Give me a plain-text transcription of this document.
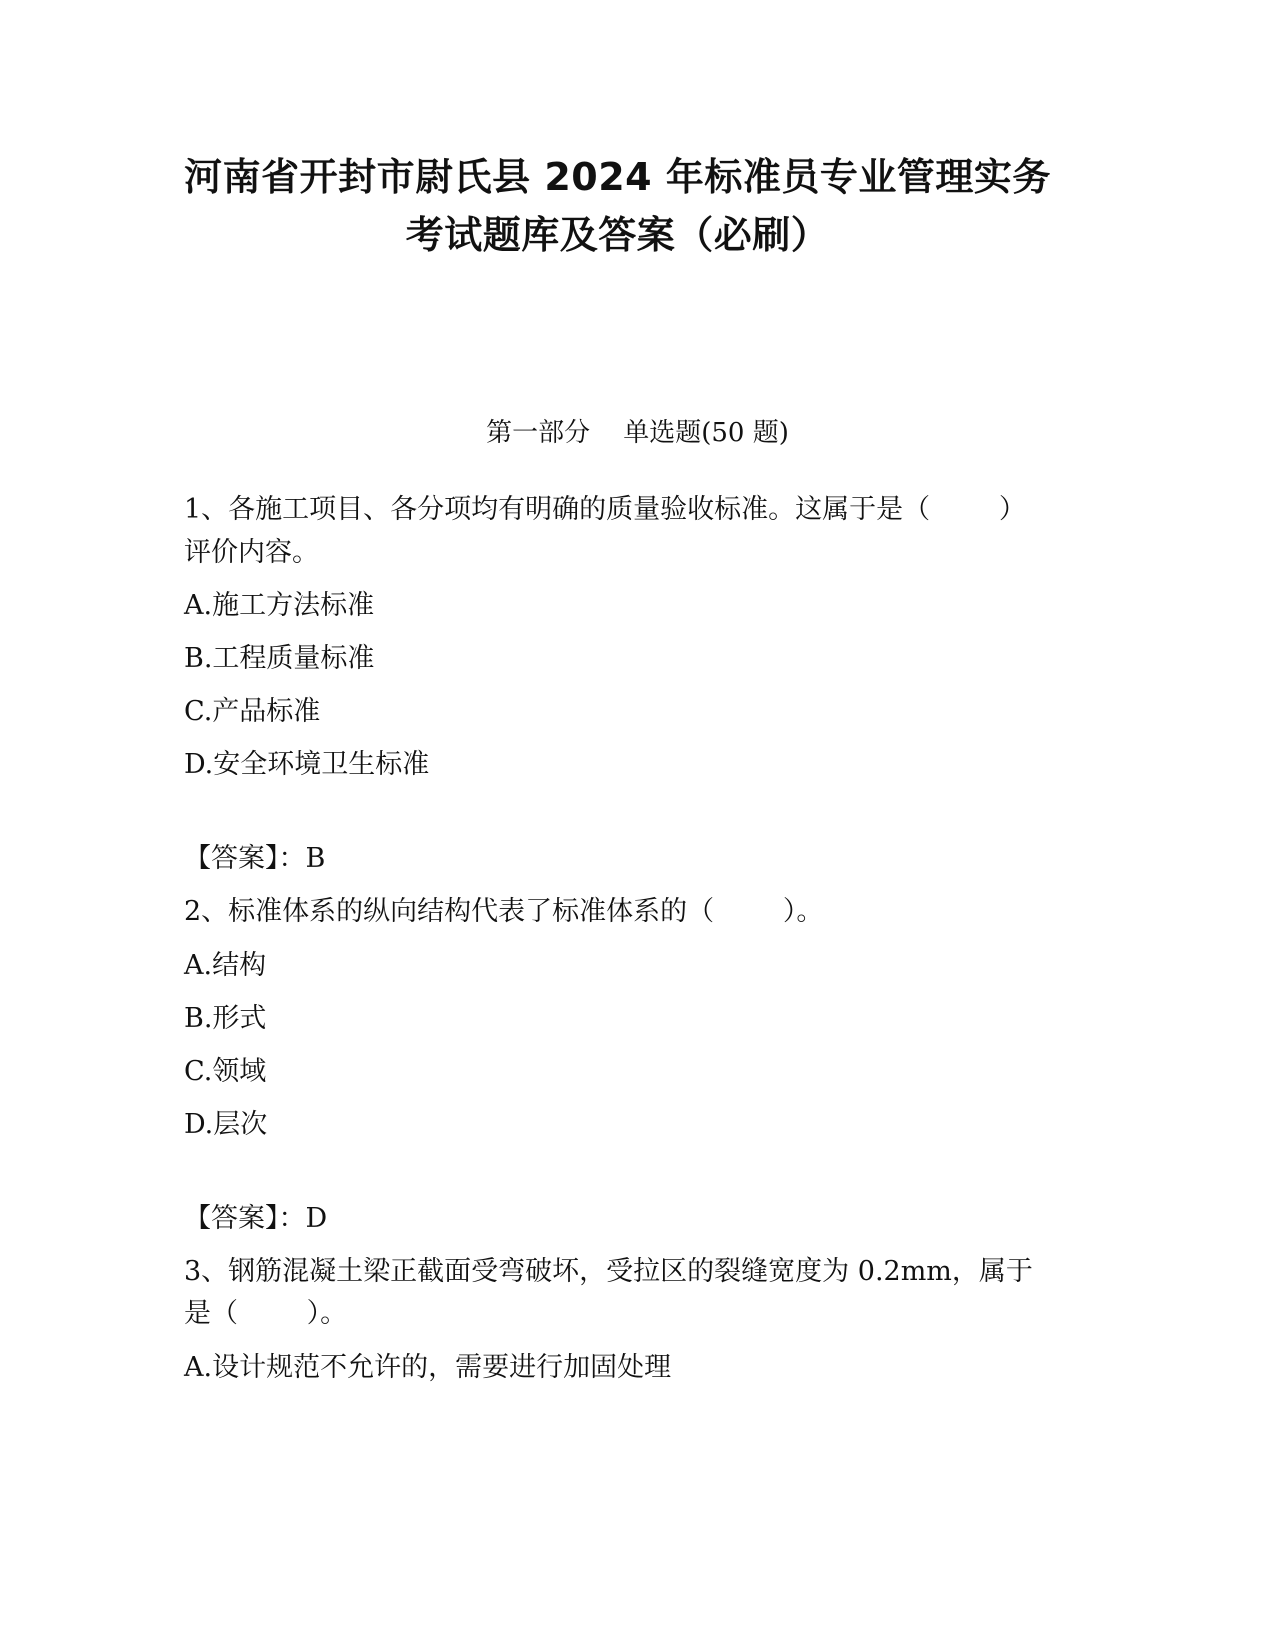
河南省开封市尉氏县 2024 年标准员专业管理实务
考试题库及答案（必刷）
第一部分    单选题(50 题)
1、各施工项目、各分项均有明确的质量验收标准。这属于是（        ）
评价内容。
A.施工方法标准
B.工程质量标准
C.产品标准
D.安全环境卫生标准
【答案】：B
2、标准体系的纵向结构代表了标准体系的（        ）。
A.结构
B.形式
C.领域
D.层次
【答案】：D
3、钢筋混凝土梁正截面受弯破坏，受拉区的裂缝宽度为 0.2mm，属于
是（        ）。
A.设计规范不允许的，需要进行加固处理
